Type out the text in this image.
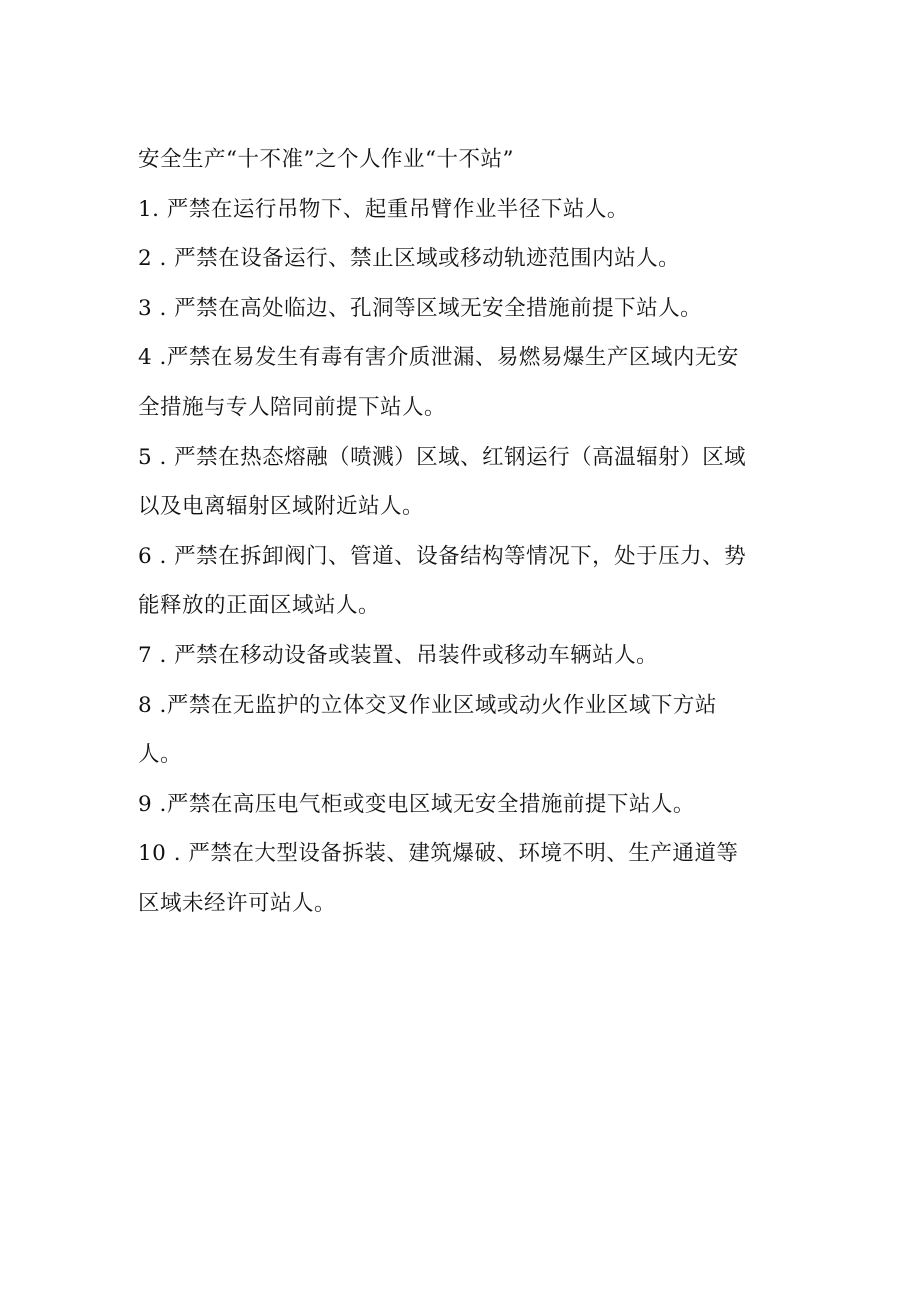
安全生产“十不准”之个人作业“十不站”
1. 严禁在运行吊物下、起重吊臂作业半径下站人。
2 . 严禁在设备运行、禁止区域或移动轨迹范围内站人。
3 . 严禁在高处临边、孔洞等区域无安全措施前提下站人。
4 .严禁在易发生有毒有害介质泄漏、易燃易爆生产区域内无安
全措施与专人陪同前提下站人。
5 . 严禁在热态熔融（喷溅）区域、红钢运行（高温辐射）区域
以及电离辐射区域附近站人。
6 . 严禁在拆卸阀门、管道、设备结构等情况下，处于压力、势
能释放的正面区域站人。
7 . 严禁在移动设备或装置、吊装件或移动车辆站人。
8 .严禁在无监护的立体交叉作业区域或动火作业区域下方站
人。
9 .严禁在高压电气柜或变电区域无安全措施前提下站人。
10 . 严禁在大型设备拆装、建筑爆破、环境不明、生产通道等
区域未经许可站人。
